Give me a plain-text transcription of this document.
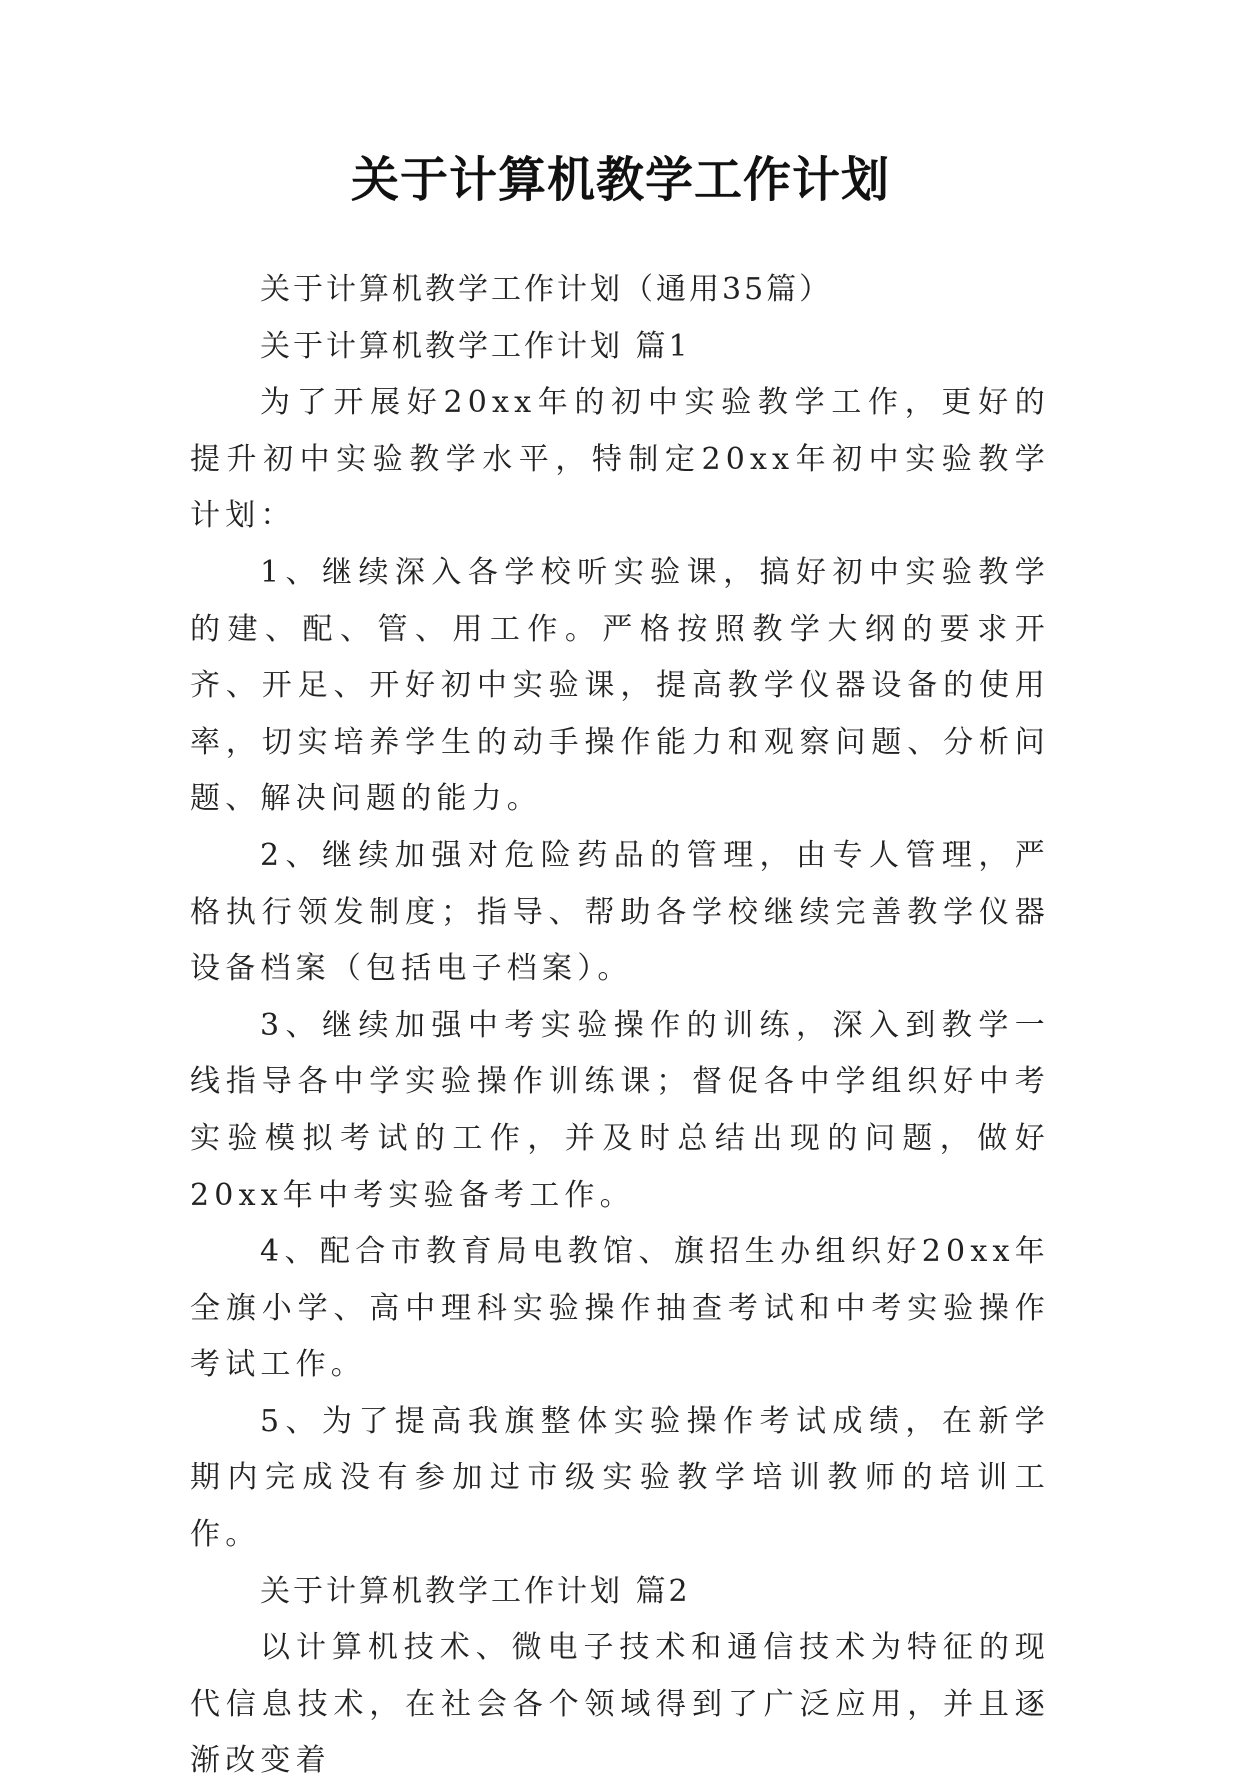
关于计算机教学工作计划

关于计算机教学工作计划（通用35篇）

关于计算机教学工作计划 篇1

为了开展好20xx年的初中实验教学工作，更好的提升初中实验教学水平，特制定20xx年初中实验教学计划：

1、继续深入各学校听实验课，搞好初中实验教学的建、配、管、用工作。严格按照教学大纲的要求开齐、开足、开好初中实验课，提高教学仪器设备的使用率，切实培养学生的动手操作能力和观察问题、分析问题、解决问题的能力。

2、继续加强对危险药品的管理，由专人管理，严格执行领发制度；指导、帮助各学校继续完善教学仪器设备档案（包括电子档案）。

3、继续加强中考实验操作的训练，深入到教学一线指导各中学实验操作训练课；督促各中学组织好中考实验模拟考试的工作，并及时总结出现的问题，做好20xx年中考实验备考工作。

4、配合市教育局电教馆、旗招生办组织好20xx年全旗小学、高中理科实验操作抽查考试和中考实验操作考试工作。

5、为了提高我旗整体实验操作考试成绩，在新学期内完成没有参加过市级实验教学培训教师的培训工作。

关于计算机教学工作计划 篇2

以计算机技术、微电子技术和通信技术为特征的现代信息技术，在社会各个领域得到了广泛应用，并且逐渐改变着
